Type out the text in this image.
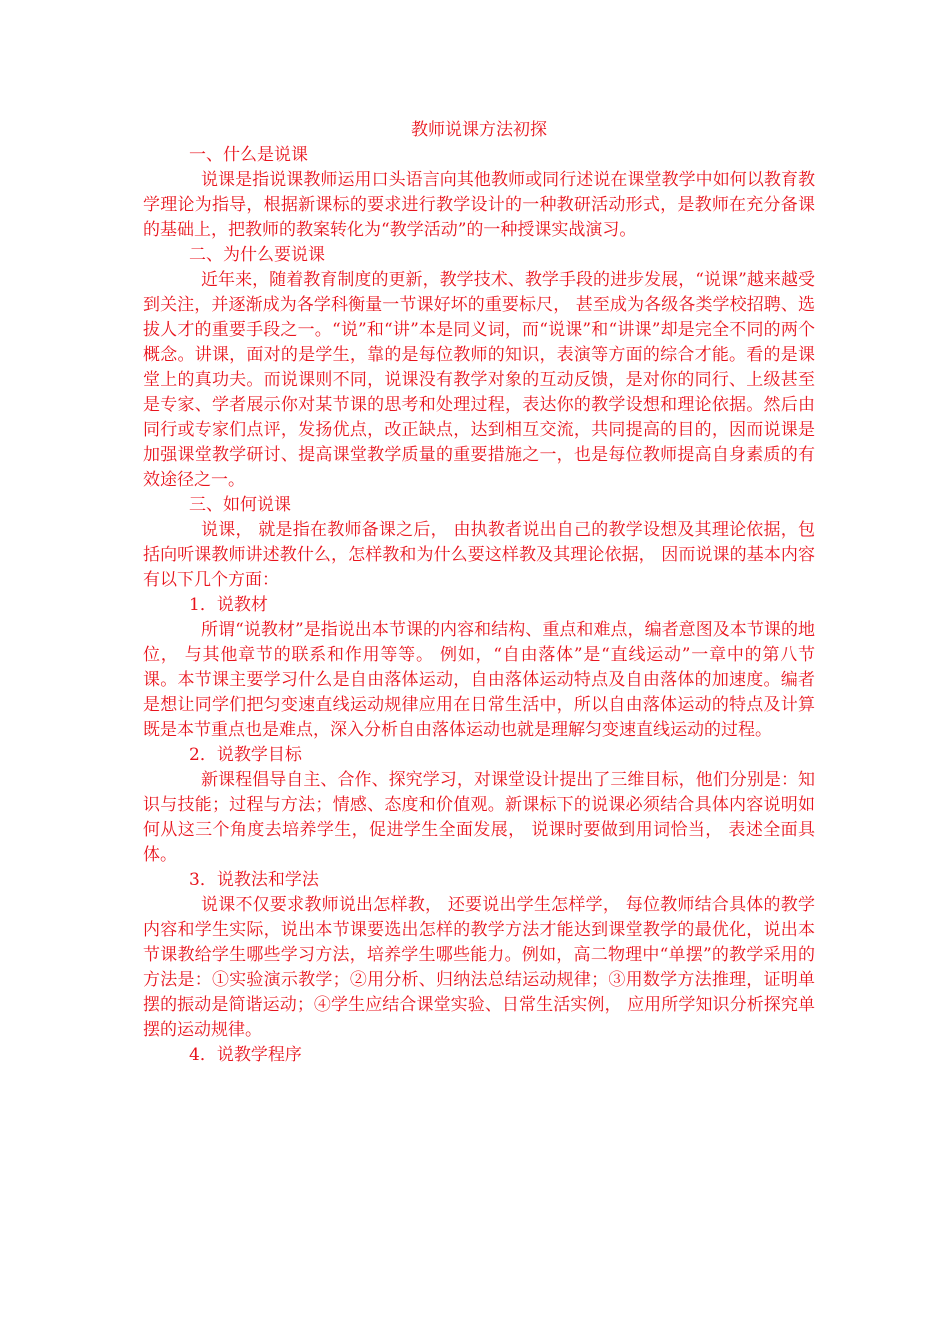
教师说课方法初探
一、什么是说课

说课是指说课教师运用口头语言向其他教师或同行述说在课堂教学中如何以教育教学理论为指导，根据新课标的要求进行教学设计的一种教研活动形式，是教师在充分备课的基础上，把教师的教案转化为“教学活动”的一种授课实战演习。

二、为什么要说课

近年来，随着教育制度的更新，教学技术、教学手段的进步发展，“说课”越来越受到关注，并逐渐成为各学科衡量一节课好坏的重要标尺， 甚至成为各级各类学校招聘、选拔人才的重要手段之一。“说”和“讲”本是同义词，而“说课”和“讲课”却是完全不同的两个概念。讲课，面对的是学生，靠的是每位教师的知识，表演等方面的综合才能。看的是课堂上的真功夫。而说课则不同，说课没有教学对象的互动反馈，是对你的同行、上级甚至是专家、学者展示你对某节课的思考和处理过程，表达你的教学设想和理论依据。然后由同行或专家们点评，发扬优点，改正缺点，达到相互交流，共同提高的目的，因而说课是加强课堂教学研讨、提高课堂教学质量的重要措施之一，也是每位教师提高自身素质的有效途径之一。

三、如何说课

说课， 就是指在教师备课之后， 由执教者说出自己的教学设想及其理论依据，包括向听课教师讲述教什么，怎样教和为什么要这样教及其理论依据， 因而说课的基本内容有以下几个方面：

1．说教材

所谓“说教材”是指说出本节课的内容和结构、重点和难点，编者意图及本节课的地位， 与其他章节的联系和作用等等。 例如，“自由落体”是“直线运动”一章中的第八节课。本节课主要学习什么是自由落体运动，自由落体运动特点及自由落体的加速度。编者是想让同学们把匀变速直线运动规律应用在日常生活中，所以自由落体运动的特点及计算既是本节重点也是难点，深入分析自由落体运动也就是理解匀变速直线运动的过程。

2．说教学目标

新课程倡导自主、合作、探究学习，对课堂设计提出了三维目标，他们分别是：知识与技能；过程与方法；情感、态度和价值观。新课标下的说课必须结合具体内容说明如何从这三个角度去培养学生，促进学生全面发展， 说课时要做到用词恰当， 表述全面具体。

3．说教法和学法

说课不仅要求教师说出怎样教， 还要说出学生怎样学， 每位教师结合具体的教学内容和学生实际，说出本节课要选出怎样的教学方法才能达到课堂教学的最优化，说出本节课教给学生哪些学习方法，培养学生哪些能力。例如，高二物理中“单摆”的教学采用的方法是：①实验演示教学；②用分析、归纳法总结运动规律；③用数学方法推理，证明单摆的振动是简谐运动；④学生应结合课堂实验、日常生活实例， 应用所学知识分析探究单摆的运动规律。

4．说教学程序
